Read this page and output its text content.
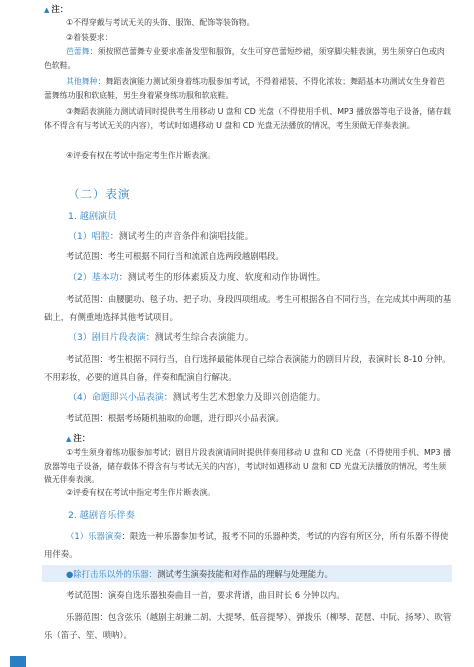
▲ 注：

①不得穿戴与考试无关的头饰、服饰、配饰等装饰物。

②着装要求：

芭蕾舞：须按照芭蕾舞专业要求准备发型和服饰，女生可穿芭蕾短纱裙，须穿脚尖鞋表演，男生须穿白色或肉色软鞋。

其他舞种：舞蹈表演能力测试须身着练功服参加考试，不得着裙装、不得化浓妆；舞蹈基本功测试女生身着芭蕾舞练功服和软底鞋，男生身着紧身练功服和软底鞋。

③舞蹈表演能力测试请同时提供考生用移动 U 盘和 CD 光盘（不得使用手机、MP3 播放器等电子设备，储存载体不得含有与考试无关的内容），考试时如遇移动 U 盘和 CD 光盘无法播放的情况，考生须做无伴奏表演。

④评委有权在考试中指定考生作片断表演。

（二）表演
1. 越剧演员
（1）唱腔：测试考生的声音条件和演唱技能。

考试范围：考生可根据不同行当和流派自选两段越剧唱段。

（2）基本功：测试考生的形体素质及力度、软度和动作协调性。

考试范围：由腰腿功、毯子功、把子功、身段四项组成。考生可根据各自不同行当，在完成其中两项的基础上，有侧重地选择其他考试项目。

（3）剧目片段表演：测试考生综合表演能力。

考试范围：考生根据不同行当，自行选择最能体现自己综合表演能力的剧目片段，表演时长 8-10 分钟。不用彩妆，必要的道具自备，伴奏和配演自行解决。

（4）命题即兴小品表演：测试考生艺术想象力及即兴创造能力。

考试范围：根据考场随机抽取的命题，进行即兴小品表演。

▲ 注：

①考生须身着练功服参加考试；剧目片段表演请同时提供伴奏用移动 U 盘和 CD 光盘（不得使用手机、MP3 播放器等电子设备，储存载体不得含有与考试无关的内容），考试时如遇移动 U 盘和 CD 光盘无法播放的情况，考生须做无伴奏表演。

②评委有权在考试中指定考生作片断表演。

2. 越剧音乐伴奏

（1）乐器演奏：限选一种乐器参加考试，报考不同的乐器种类，考试的内容有所区分，所有乐器不得使用伴奏。

●除打击乐以外的乐器：测试考生演奏技能和对作品的理解与处理能力。

考试范围：演奏自选乐器独奏曲目一首，要求背谱，曲目时长 6 分钟以内。

乐器范围：包含弦乐（越剧主胡兼二胡、大提琴、低音提琴）、弹拨乐（柳琴、琵琶、中阮、扬琴）、吹管乐（笛子、笙、唢呐）。
